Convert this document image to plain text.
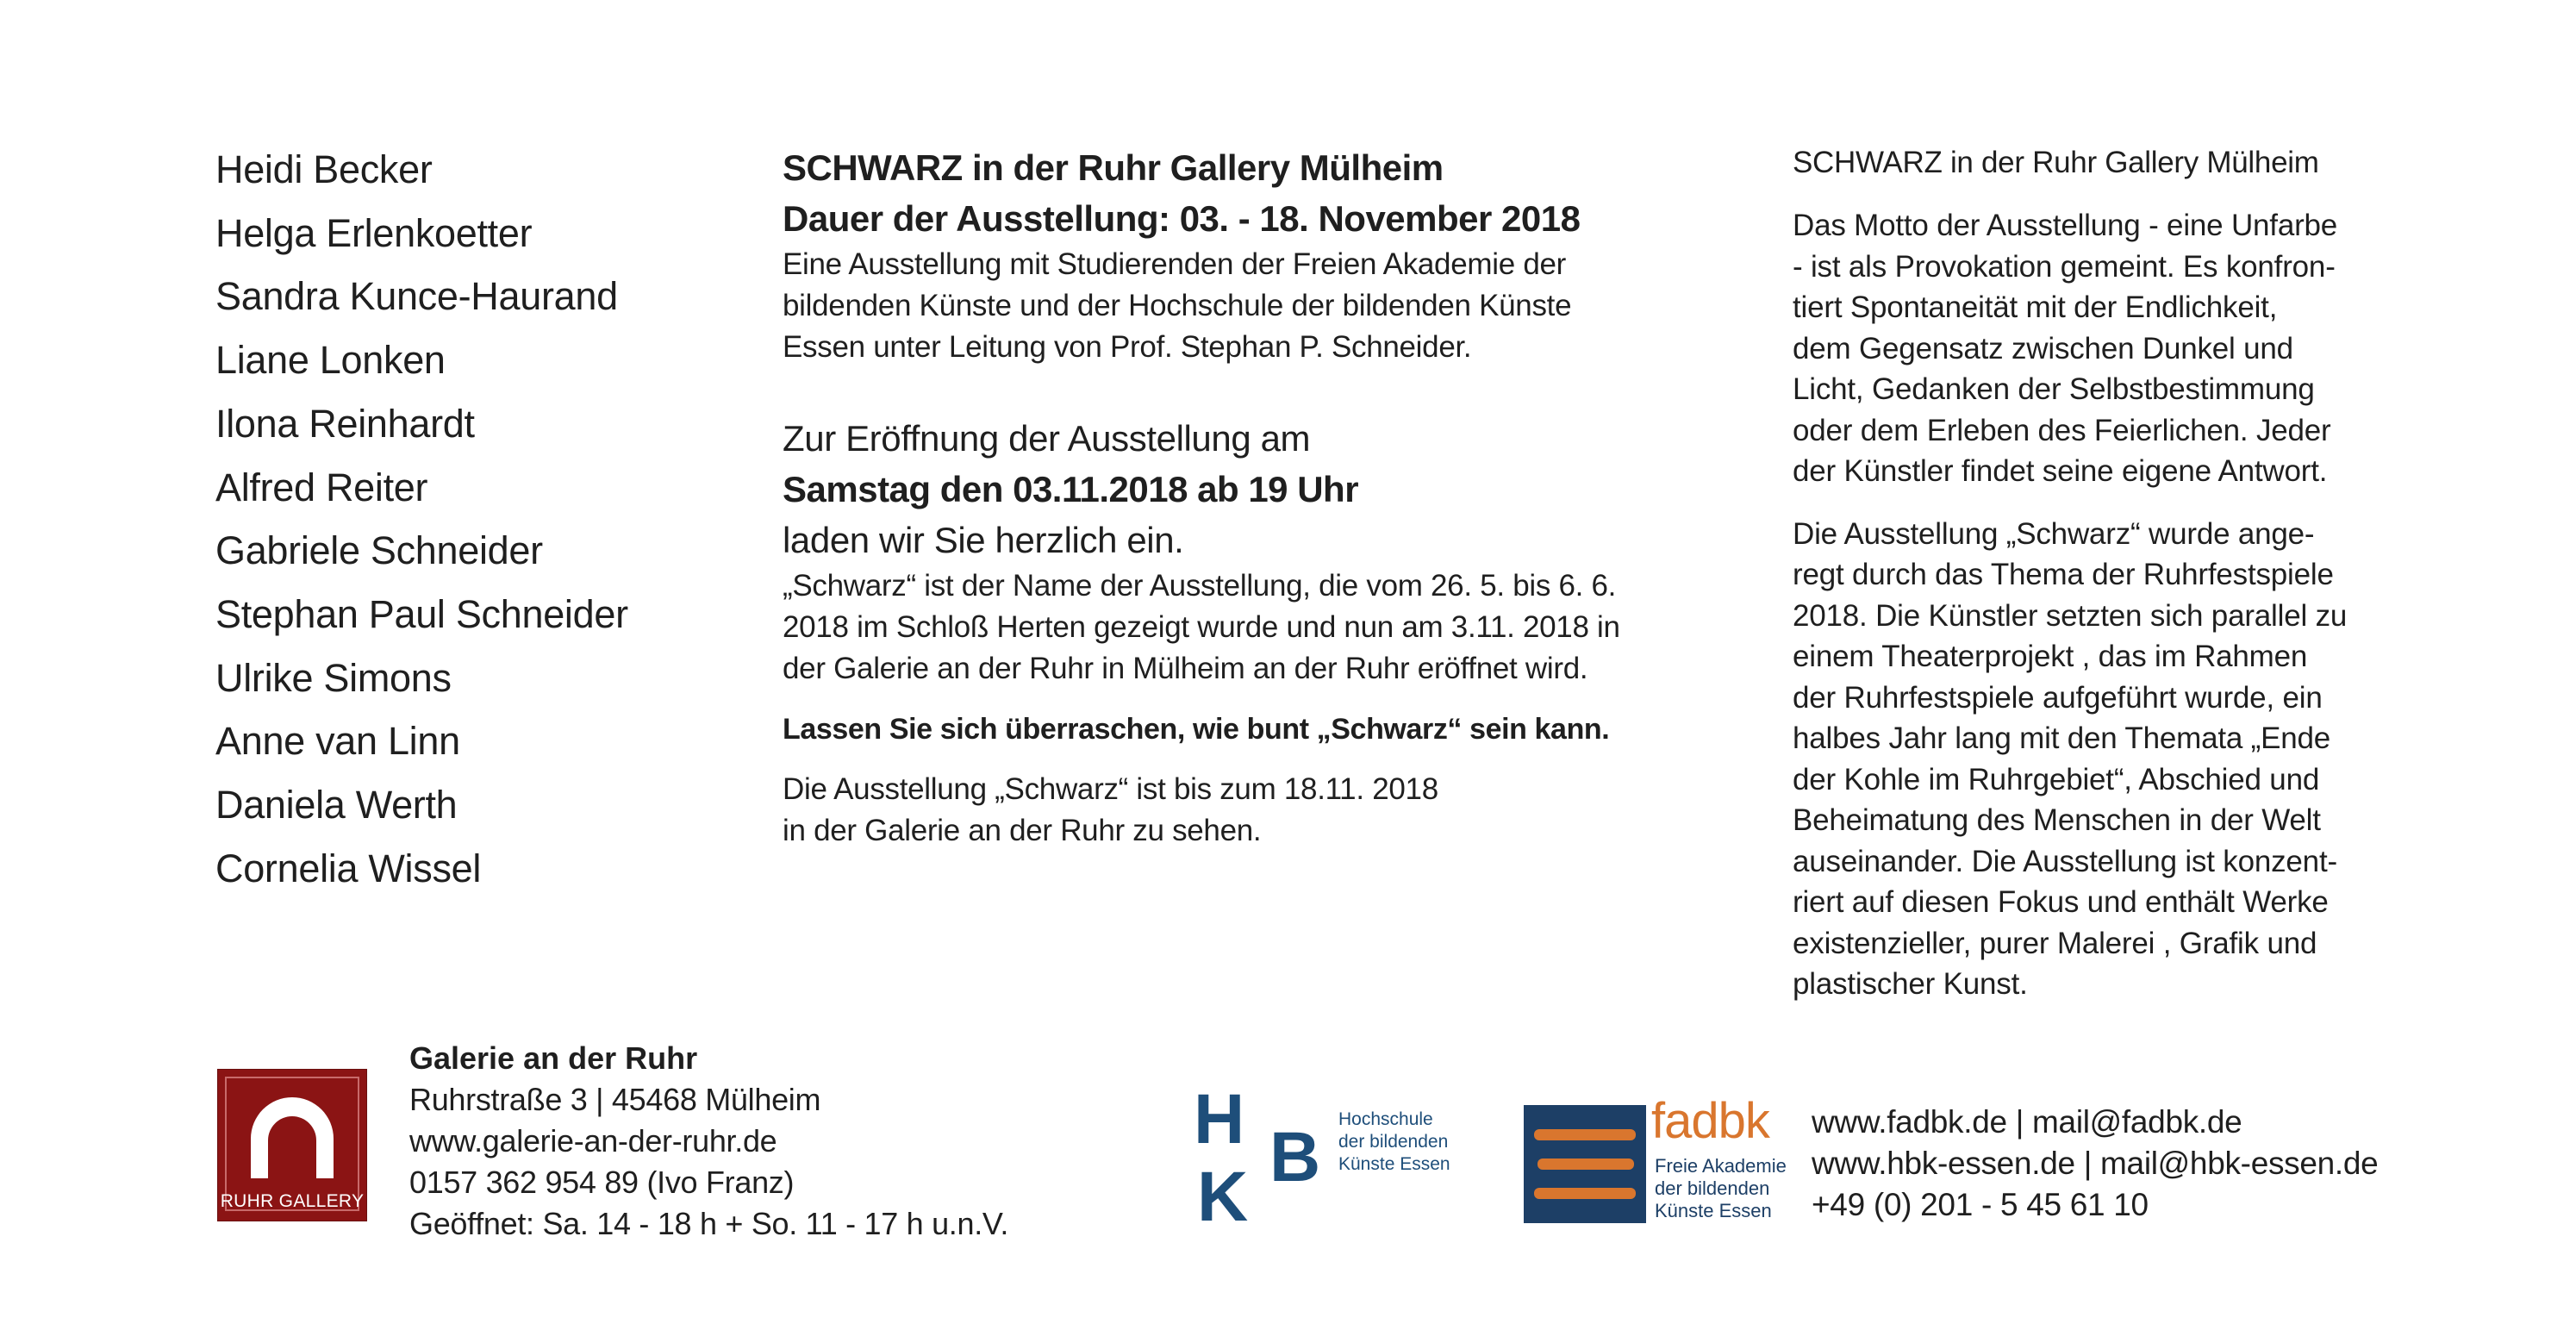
Heidi Becker
Helga Erlenkoetter
Sandra Kunce-Haurand
Liane Lonken
Ilona Reinhardt
Alfred Reiter
Gabriele Schneider
Stephan Paul Schneider
Ulrike Simons
Anne van Linn
Daniela Werth
Cornelia Wissel
SCHWARZ in der Ruhr Gallery Mülheim
Dauer der Ausstellung: 03. - 18. November 2018
Eine Ausstellung mit Studierenden der Freien Akademie der
bildenden Künste und der Hochschule der bildenden Künste
Essen unter Leitung von Prof. Stephan P. Schneider.
Zur Eröffnung der Ausstellung am
Samstag den 03.11.2018 ab 19 Uhr
laden wir Sie herzlich ein.
„Schwarz“ ist der Name der Ausstellung, die vom 26. 5. bis 6. 6.
2018 im Schloß Herten gezeigt wurde und nun am 3.11. 2018 in
der Galerie an der Ruhr in Mülheim an der Ruhr eröffnet wird.
Lassen Sie sich überraschen, wie bunt „Schwarz“ sein kann.
Die Ausstellung „Schwarz“ ist bis zum 18.11. 2018
in der Galerie an der Ruhr zu sehen.
SCHWARZ in der Ruhr Gallery Mülheim
Das Motto der Ausstellung - eine Unfarbe
- ist als Provokation gemeint. Es konfron-
tiert Spontaneität mit der Endlichkeit,
dem Gegensatz zwischen Dunkel und
Licht, Gedanken der Selbstbestimmung
oder dem Erleben des Feierlichen. Jeder
der Künstler findet seine eigene Antwort.
Die Ausstellung „Schwarz“ wurde ange-
regt durch das Thema der Ruhrfestspiele
2018. Die Künstler setzten sich parallel zu
einem Theaterprojekt , das im Rahmen
der Ruhrfestspiele aufgeführt wurde, ein
halbes Jahr lang mit den Themata „Ende
der Kohle im Ruhrgebiet“, Abschied und
Beheimatung des Menschen in der Welt
auseinander. Die Ausstellung ist konzent-
riert auf diesen Fokus und enthält Werke
existenzieller, purer Malerei , Grafik und
plastischer Kunst.
RUHR GALLERY
Galerie an der Ruhr
Ruhrstraße 3 | 45468 Mülheim
www.galerie-an-der-ruhr.de
0157 362 954 89 (Ivo Franz)
Geöffnet: Sa. 14 - 18 h + So. 11 - 17 h u.n.V.
H B
K
Hochschule
der bildenden
Künste Essen
fadbk
Freie Akademie
der bildenden
Künste Essen
www.fadbk.de | mail@fadbk.de
www.hbk-essen.de | mail@hbk-essen.de
+49 (0) 201 - 5 45 61 10
